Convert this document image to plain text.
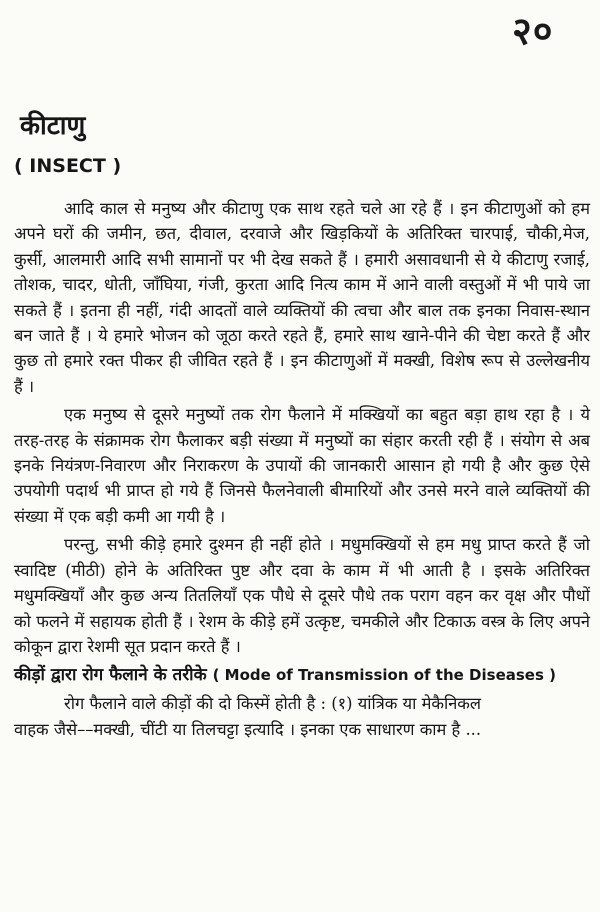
२०
कीटाणु
( INSECT )

आदि काल से मनुष्य और कीटाणु एक साथ रहते चले आ रहे हैं । इन कीटाणुओं को हम अपने घरों की जमीन, छत, दीवाल, दरवाजे और खिड़कियों के अतिरिक्त चारपाई, चौकी,मेज, कुर्सी, आलमारी आदि सभी सामानों पर भी देख सकते हैं । हमारी असावधानी से ये कीटाणु रजाई, तोशक, चादर, धोती, जाँघिया, गंजी, कुरता आदि नित्य काम में आने वाली वस्तुओं में भी पाये जा सकते हैं । इतना ही नहीं, गंदी आदतों वाले व्यक्तियों की त्वचा और बाल तक इनका निवास-स्थान बन जाते हैं । ये हमारे भोजन को जूठा करते रहते हैं, हमारे साथ खाने-पीने की चेष्टा करते हैं और कुछ तो हमारे रक्त पीकर ही जीवित रहते हैं । इन कीटाणुओं में मक्खी, विशेष रूप से उल्लेखनीय हैं ।

एक मनुष्य से दूसरे मनुष्यों तक रोग फैलाने में मक्खियों का बहुत बड़ा हाथ रहा है । ये तरह-तरह के संक्रामक रोग फैलाकर बड़ी संख्या में मनुष्यों का संहार करती रही हैं । संयोग से अब इनके नियंत्रण-निवारण और निराकरण के उपायों की जानकारी आसान हो गयी है और कुछ ऐसे उपयोगी पदार्थ भी प्राप्त हो गये हैं जिनसे फैलनेवाली बीमारियों और उनसे मरने वाले व्यक्तियों की संख्या में एक बड़ी कमी आ गयी है ।

परन्तु, सभी कीड़े हमारे दुश्मन ही नहीं होते । मधुमक्खियों से हम मधु प्राप्त करते हैं जो स्वादिष्ट (मीठी) होने के अतिरिक्त पुष्ट और दवा के काम में भी आती है । इसके अतिरिक्त मधुमक्खियाँ और कुछ अन्य तितलियाँ एक पौधे से दूसरे पौधे तक पराग वहन कर वृक्ष और पौधों को फलने में सहायक होती हैं । रेशम के कीड़े हमें उत्कृष्ट, चमकीले और टिकाऊ वस्त्र के लिए अपने कोकून द्वारा रेशमी सूत प्रदान करते हैं ।

कीड़ों द्वारा रोग फैलाने के तरीके ( Mode of Transmission of the Diseases )
रोग फैलाने वाले कीड़ों की दो किस्में होती है : (१) यांत्रिक या मेकैनिकल
वाहक जैसे––मक्खी, चींटी या तिलचट्टा इत्यादि । इनका एक साधारण काम है ...
